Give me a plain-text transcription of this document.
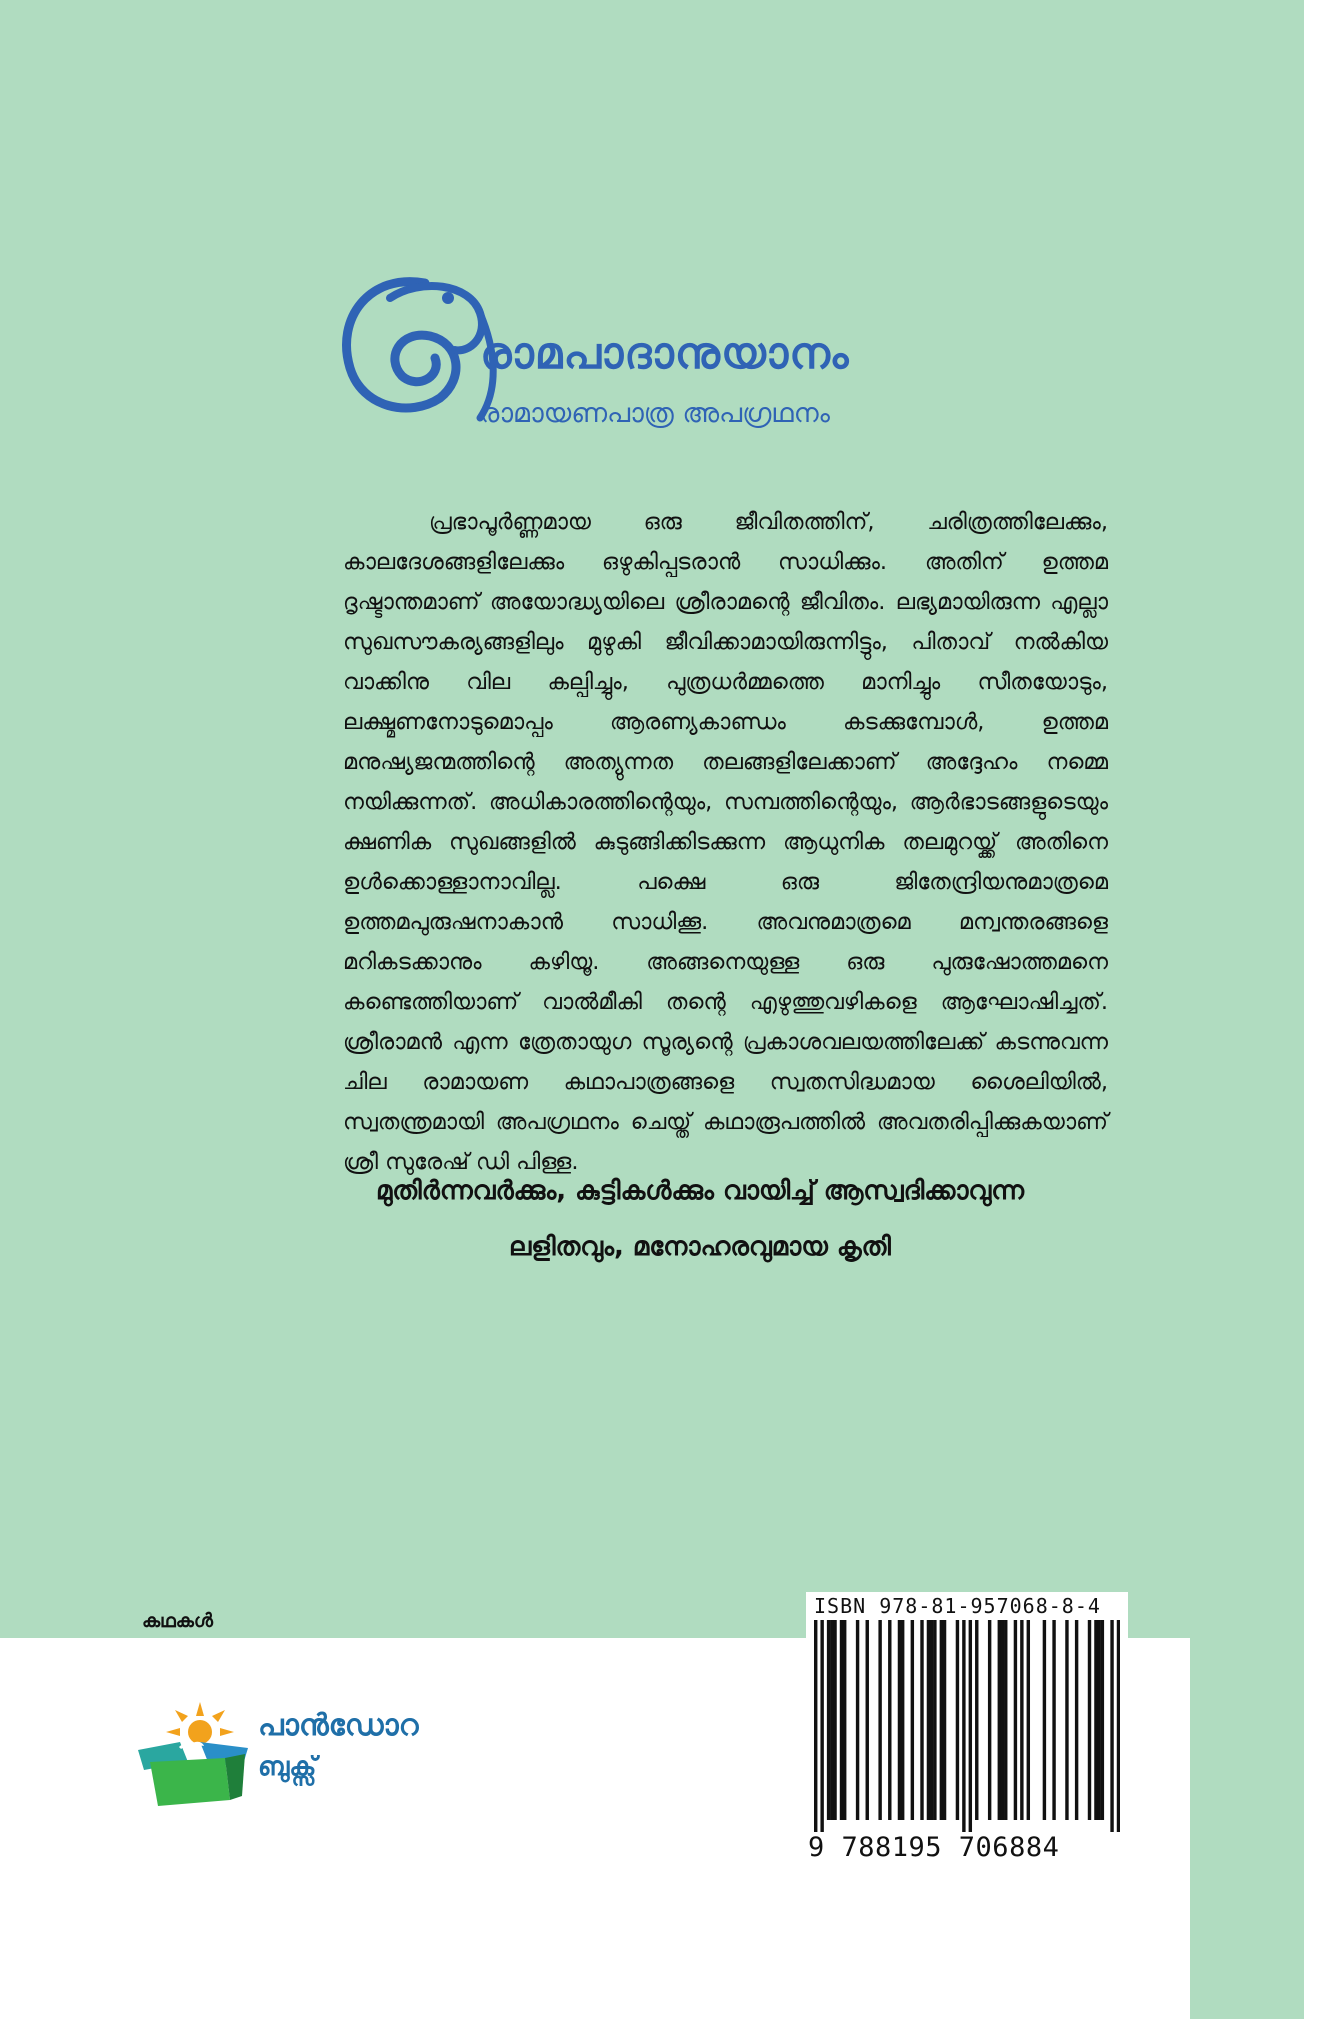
രാമപാദാനുയാനം
രാമായണപാത്ര അപഗ്രഥനം

പ്രഭാപൂർണ്ണമായ ഒരു ജീവിതത്തിന്, ചരിത്രത്തിലേക്കും, കാലദേശങ്ങളിലേക്കും ഒഴുകിപ്പടരാൻ സാധിക്കും. അതിന് ഉത്തമ ദൃഷ്ടാന്തമാണ് അയോദ്ധ്യയിലെ ശ്രീരാമന്റെ ജീവിതം. ലഭ്യമായിരുന്ന എല്ലാ സുഖസൗകര്യങ്ങളിലും മുഴുകി ജീവിക്കാമായിരുന്നിട്ടും, പിതാവ് നൽകിയ വാക്കിനു വില കല്പിച്ചും, പുത്രധർമ്മത്തെ മാനിച്ചും സീതയോടും, ലക്ഷ്മണനോടുമൊപ്പം ആരണ്യകാണ്ഡം കടക്കുമ്പോൾ, ഉത്തമ മനുഷ്യജന്മത്തിന്റെ അത്യുന്നത തലങ്ങളിലേക്കാണ് അദ്ദേഹം നമ്മെ നയിക്കുന്നത്. അധികാരത്തിന്റെയും, സമ്പത്തിന്റെയും, ആർഭാടങ്ങളുടെയും ക്ഷണിക സുഖങ്ങളിൽ കുടുങ്ങിക്കിടക്കുന്ന ആധുനിക തലമുറയ്ക്ക് അതിനെ ഉൾക്കൊള്ളാനാവില്ല. പക്ഷെ ഒരു ജിതേന്ദ്രിയനുമാത്രമെ ഉത്തമപുരുഷനാകാൻ സാധിക്കൂ. അവനുമാത്രമെ മന്വന്തരങ്ങളെ മറികടക്കാനും കഴിയൂ. അങ്ങനെയുള്ള ഒരു പുരുഷോത്തമനെ കണ്ടെത്തിയാണ് വാൽമീകി തന്റെ എഴുത്തുവഴികളെ ആഘോഷിച്ചത്. ശ്രീരാമൻ എന്ന ത്രേതായുഗ സൂര്യന്റെ പ്രകാശവലയത്തിലേക്ക് കടന്നുവന്ന ചില രാമായണ കഥാപാത്രങ്ങളെ സ്വതസിദ്ധമായ ശൈലിയിൽ, സ്വതന്ത്രമായി അപഗ്രഥനം ചെയ്ത് കഥാരൂപത്തിൽ അവതരിപ്പിക്കുകയാണ് ശ്രീ സുരേഷ് ഡി പിള്ള.

മുതിർന്നവർക്കും, കുട്ടികൾക്കും വായിച്ച് ആസ്വദിക്കാവുന്ന
ലളിതവും, മനോഹരവുമായ കൃതി
കഥകൾ
പാൻഡോറ
ബുക്സ്
ISBN 978-81-957068-8-4
9 788195 706884
